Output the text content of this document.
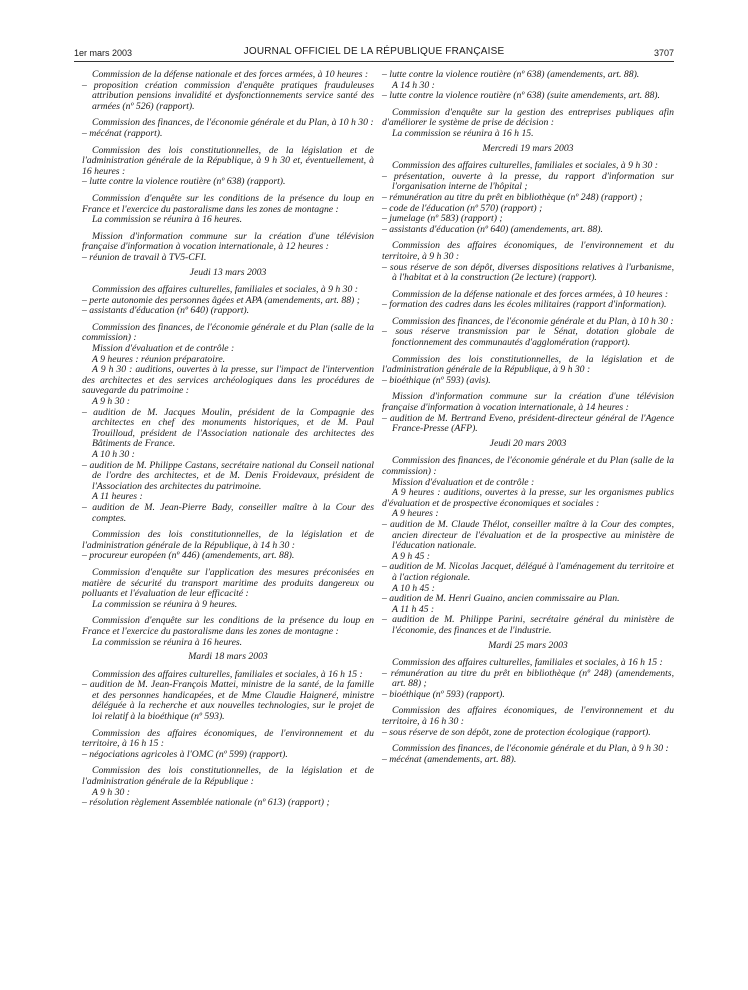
1er mars 2003	JOURNAL OFFICIEL DE LA RÉPUBLIQUE FRANÇAISE	3707

Commission de la défense nationale et des forces armées, à 10 heures :

– proposition création commission d'enquête pratiques frauduleuses attribution pensions invalidité et dysfonctionnements service santé des armées (nº 526) (rapport).

Commission des finances, de l'économie générale et du Plan, à 10 h 30 :

– mécénat (rapport).

Commission des lois constitutionnelles, de la législation et de l'administration générale de la République, à 9 h 30 et, éventuellement, à 16 heures :

– lutte contre la violence routière (nº 638) (rapport).

Commission d'enquête sur les conditions de la présence du loup en France et l'exercice du pastoralisme dans les zones de montagne :

La commission se réunira à 16 heures.

Mission d'information commune sur la création d'une télévision française d'information à vocation internationale, à 12 heures :

– réunion de travail à TV5-CFI.

Jeudi 13 mars 2003

Commission des affaires culturelles, familiales et sociales, à 9 h 30 :

– perte autonomie des personnes âgées et APA (amendements, art. 88) ;

– assistants d'éducation (nº 640) (rapport).

Commission des finances, de l'économie générale et du Plan (salle de la commission) :

Mission d'évaluation et de contrôle :

A 9 heures : réunion préparatoire.

A 9 h 30 : auditions, ouvertes à la presse, sur l'impact de l'intervention des architectes et des services archéologiques dans les procédures de sauvegarde du patrimoine :

A 9 h 30 :

– audition de M. Jacques Moulin, président de la Compagnie des architectes en chef des monuments historiques, et de M. Paul Trouilloud, président de l'Association nationale des architectes des Bâtiments de France.

A 10 h 30 :

– audition de M. Philippe Castans, secrétaire national du Conseil national de l'ordre des architectes, et de M. Denis Froidevaux, président de l'Association des architectes du patrimoine.

A 11 heures :

– audition de M. Jean-Pierre Bady, conseiller maître à la Cour des comptes.

Commission des lois constitutionnelles, de la législation et de l'administration générale de la République, à 14 h 30 :

– procureur européen (nº 446) (amendements, art. 88).

Commission d'enquête sur l'application des mesures préconisées en matière de sécurité du transport maritime des produits dangereux ou polluants et l'évaluation de leur efficacité :

La commission se réunira à 9 heures.

Commission d'enquête sur les conditions de la présence du loup en France et l'exercice du pastoralisme dans les zones de montagne :

La commission se réunira à 16 heures.

Mardi 18 mars 2003

Commission des affaires culturelles, familiales et sociales, à 16 h 15 :

– audition de M. Jean-François Mattei, ministre de la santé, de la famille et des personnes handicapées, et de Mme Claudie Haigneré, ministre déléguée à la recherche et aux nouvelles technologies, sur le projet de loi relatif à la bioéthique (nº 593).

Commission des affaires économiques, de l'environnement et du territoire, à 16 h 15 :

– négociations agricoles à l'OMC (nº 599) (rapport).

Commission des lois constitutionnelles, de la législation et de l'administration générale de la République :

A 9 h 30 :

– résolution règlement Assemblée nationale (nº 613) (rapport) ;

– lutte contre la violence routière (nº 638) (amendements, art. 88).

A 14 h 30 :

– lutte contre la violence routière (nº 638) (suite amendements, art. 88).

Commission d'enquête sur la gestion des entreprises publiques afin d'améliorer le système de prise de décision :

La commission se réunira à 16 h 15.

Mercredi 19 mars 2003

Commission des affaires culturelles, familiales et sociales, à 9 h 30 :

– présentation, ouverte à la presse, du rapport d'information sur l'organisation interne de l'hôpital ;

– rémunération au titre du prêt en bibliothèque (nº 248) (rapport) ;

– code de l'éducation (nº 570) (rapport) ;

– jumelage (nº 583) (rapport) ;

– assistants d'éducation (nº 640) (amendements, art. 88).

Commission des affaires économiques, de l'environnement et du territoire, à 9 h 30 :

– sous réserve de son dépôt, diverses dispositions relatives à l'urbanisme, à l'habitat et à la construction (2e lecture) (rapport).

Commission de la défense nationale et des forces armées, à 10 heures :

– formation des cadres dans les écoles militaires (rapport d'information).

Commission des finances, de l'économie générale et du Plan, à 10 h 30 :

– sous réserve transmission par le Sénat, dotation globale de fonctionnement des communautés d'agglomération (rapport).

Commission des lois constitutionnelles, de la législation et de l'administration générale de la République, à 9 h 30 :

– bioéthique (nº 593) (avis).

Mission d'information commune sur la création d'une télévision française d'information à vocation internationale, à 14 heures :

– audition de M. Bertrand Eveno, président-directeur général de l'Agence France-Presse (AFP).

Jeudi 20 mars 2003

Commission des finances, de l'économie générale et du Plan (salle de la commission) :

Mission d'évaluation et de contrôle :

A 9 heures : auditions, ouvertes à la presse, sur les organismes publics d'évaluation et de prospective économiques et sociales :

A 9 heures :

– audition de M. Claude Thélot, conseiller maître à la Cour des comptes, ancien directeur de l'évaluation et de la prospective au ministère de l'éducation nationale.

A 9 h 45 :

– audition de M. Nicolas Jacquet, délégué à l'aménagement du territoire et à l'action régionale.

A 10 h 45 :

– audition de M. Henri Guaino, ancien commissaire au Plan.

A 11 h 45 :

– audition de M. Philippe Parini, secrétaire général du ministère de l'économie, des finances et de l'industrie.

Mardi 25 mars 2003

Commission des affaires culturelles, familiales et sociales, à 16 h 15 :

– rémunération au titre du prêt en bibliothèque (nº 248) (amendements, art. 88) ;

– bioéthique (nº 593) (rapport).

Commission des affaires économiques, de l'environnement et du territoire, à 16 h 30 :

– sous réserve de son dépôt, zone de protection écologique (rapport).

Commission des finances, de l'économie générale et du Plan, à 9 h 30 :

– mécénat (amendements, art. 88).
